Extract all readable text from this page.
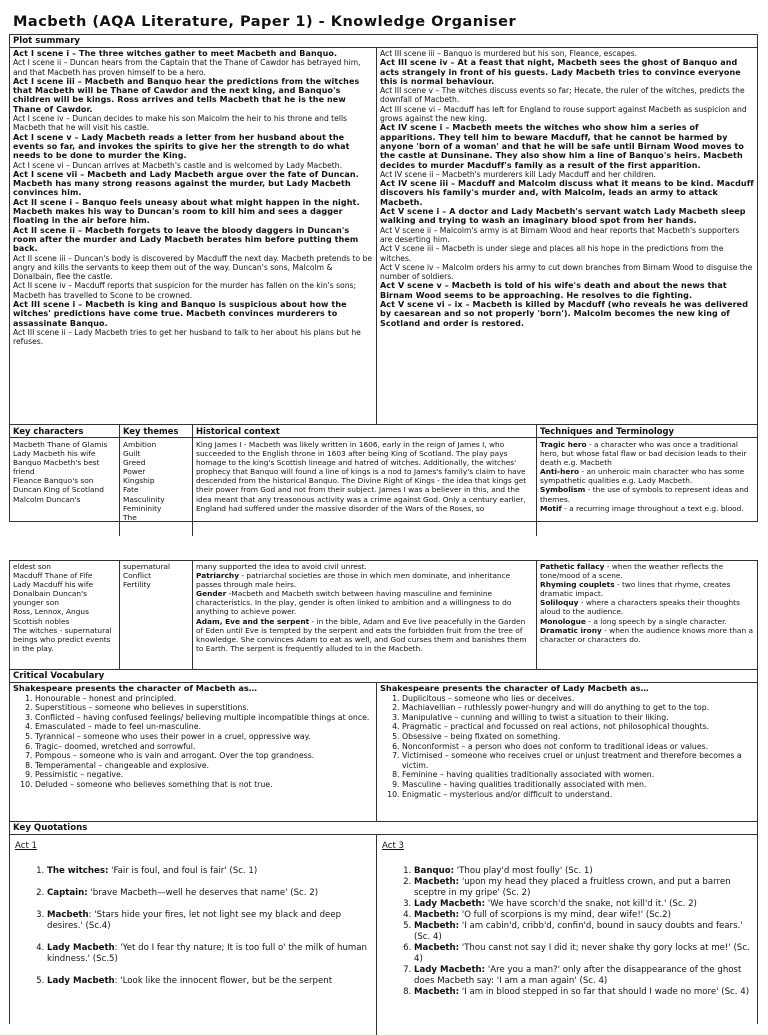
Macbeth (AQA Literature, Paper 1) - Knowledge Organiser
Plot summary

Act I scene i – The three witches gather to meet Macbeth and Banquo.

Act I scene ii – Duncan hears from the Captain that the Thane of Cawdor has betrayed him, and that Macbeth has proven himself to be a hero.

Act I scene iii – Macbeth and Banquo hear the predictions from the witches that Macbeth will be Thane of Cawdor and the next king, and Banquo's children will be kings. Ross arrives and tells Macbeth that he is the new Thane of Cawdor.

Act I scene iv – Duncan decides to make his son Malcolm the heir to his throne and tells Macbeth that he will visit his castle.

Act I scene v – Lady Macbeth reads a letter from her husband about the events so far, and invokes the spirits to give her the strength to do what needs to be done to murder the King.

Act I scene vi – Duncan arrives at Macbeth's castle and is welcomed by Lady Macbeth.

Act I scene vii – Macbeth and Lady Macbeth argue over the fate of Duncan. Macbeth has many strong reasons against the murder, but Lady Macbeth convinces him.

Act II scene i – Banquo feels uneasy about what might happen in the night. Macbeth makes his way to Duncan's room to kill him and sees a dagger floating in the air before him.

Act II scene ii – Macbeth forgets to leave the bloody daggers in Duncan's room after the murder and Lady Macbeth berates him before putting them back.

Act II scene iii – Duncan's body is discovered by Macduff the next day. Macbeth pretends to be angry and kills the servants to keep them out of the way. Duncan's sons, Malcolm & Donalbain, flee the castle.

Act II scene iv – Macduff reports that suspicion for the murder has fallen on the kin's sons; Macbeth has travelled to Scone to be crowned.

Act III scene i – Macbeth is king and Banquo is suspicious about how the witches' predictions have come true. Macbeth convinces murderers to assassinate Banquo.

Act III scene ii – Lady Macbeth tries to get her husband to talk to her about his plans but he refuses.

Act III scene iii – Banquo is murdered but his son, Fleance, escapes.

Act III scene iv – At a feast that night, Macbeth sees the ghost of Banquo and acts strangely in front of his guests. Lady Macbeth tries to convince everyone this is normal behaviour.

Act III scene v – The witches discuss events so far; Hecate, the ruler of the witches, predicts the downfall of Macbeth.

Act III scene vi – Macduff has left for England to rouse support against Macbeth as suspicion and grows against the new king.

Act IV scene i – Macbeth meets the witches who show him a series of apparitions. They tell him to beware Macduff, that he cannot be harmed by anyone 'born of a woman' and that he will be safe until Birnam Wood moves to the castle at Dunsinane. They also show him a line of Banquo's heirs. Macbeth decides to murder Macduff's family as a result of the first apparition.

Act IV scene ii – Macbeth's murderers kill Lady Macduff and her children.

Act IV scene iii – Macduff and Malcolm discuss what it means to be kind. Macduff discovers his family's murder and, with Malcolm, leads an army to attack Macbeth.

Act V scene i – A doctor and Lady Macbeth's servant watch Lady Macbeth sleep walking and trying to wash an imaginary blood spot from her hands.

Act V scene ii – Malcolm's army is at Birnam Wood and hear reports that Macbeth's supporters are deserting him.

Act V scene iii – Macbeth is under siege and places all his hope in the predictions from the witches.

Act V scene iv – Malcolm orders his army to cut down branches from Birnam Wood to disguise the number of soldiers.

Act V scene v – Macbeth is told of his wife's death and about the news that Birnam Wood seems to be approaching. He resolves to die fighting.

Act V scene vi – ix – Macbeth is killed by Macduff (who reveals he was delivered by caesarean and so not properly 'born'). Malcolm becomes the new king of Scotland and order is restored.

Key characters
Macbeth Thane of Glamis
Lady Macbeth his wife
Banquo Macbeth's best friend
Fleance Banquo's son
Duncan King of Scotland
Malcolm Duncan's
Key themes
Ambition
Guilt
Greed
Power
Kingship
Fate
Masculinity
Femininity
The
Historical context
King James I - Macbeth was likely written in 1606, early in the reign of James I, who succeeded to the English throne in 1603 after being King of Scotland. The play pays homage to the king's Scottish lineage and hatred of witches. Additionally, the witches' prophecy that Banquo will found a line of kings is a nod to James's family's claim to have descended from the historical Banquo. The Divine Right of Kings - the idea that kings get their power from God and not from their subject. James I was a believer in this, and the idea meant that any treasonous activity was a crime against God. Only a century earlier, England had suffered under the massive disorder of the Wars of the Roses, so
Techniques and Terminology
Tragic hero - a character who was once a traditional hero, but whose fatal flaw or bad decision leads to their death e.g. Macbeth
Anti-hero - an unheroic main character who has some sympathetic qualities e.g. Lady Macbeth.
Symbolism - the use of symbols to represent ideas and themes.
Motif - a recurring image throughout a text e.g. blood.
eldest son
Macduff Thane of Fife
Lady Macduff his wife
Donalbain Duncan's younger son
Ross, Lennox, Angus Scottish nobles
The witches - supernatural beings who predict events in the play.
supernatural
Conflict
Fertility
many supported the idea to avoid civil unrest.
Patriarchy - patriarchal societies are those in which men dominate, and inheritance passes through male heirs.
Gender -Macbeth and Macbeth switch between having masculine and feminine characteristics. In the play, gender is often linked to ambition and a willingness to do anything to achieve power.
Adam, Eve and the serpent - in the bible, Adam and Eve live peacefully in the Garden of Eden until Eve is tempted by the serpent and eats the forbidden fruit from the tree of knowledge. She convinces Adam to eat as well, and God curses them and banishes them to Earth. The serpent is frequently alluded to in the Macbeth.
Pathetic fallacy - when the weather reflects the tone/mood of a scene.
Rhyming couplets - two lines that rhyme, creates dramatic impact.
Soliloquy - where a characters speaks their thoughts aloud to the audience.
Monologue - a long speech by a single character.
Dramatic irony - when the audience knows more than a character or characters do.
Critical Vocabulary
Shakespeare presents the character of Macbeth as…
1. Honourable – honest and principled.
2. Superstitious – someone who believes in superstitions.
3. Conflicted – having confused feelings/ believing multiple incompatible things at once.
4. Emasculated – made to feel un-masculine.
5. Tyrannical – someone who uses their power in a cruel, oppressive way.
6. Tragic– doomed, wretched and sorrowful.
7. Pompous – someone who is vain and arrogant. Over the top grandness.
8. Temperamental – changeable and explosive.
9. Pessimistic – negative.
10. Deluded – someone who believes something that is not true.
Shakespeare presents the character of Lady Macbeth as…
1. Duplicitous – someone who lies or deceives.
2. Machiavellian – ruthlessly power-hungry and will do anything to get to the top.
3. Manipulative – cunning and willing to twist a situation to their liking.
4. Pragmatic – practical and focussed on real actions, not philosophical thoughts.
5. Obsessive – being fixated on something.
6. Nonconformist – a person who does not conform to traditional ideas or values.
7. Victimised – someone who receives cruel or unjust treatment and therefore becomes a victim.
8. Feminine – having qualities traditionally associated with women.
9. Masculine – having qualities traditionally associated with men.
10. Enigmatic – mysterious and/or difficult to understand.
Key Quotations
Act 1
1. The witches: 'Fair is foul, and foul is fair' (Sc. 1)
2. Captain: 'brave Macbeth—well he deserves that name' (Sc. 2)
3. Macbeth: 'Stars hide your fires, let not light see my black and deep desires.' (Sc.4)
4. Lady Macbeth: 'Yet do I fear thy nature; It is too full o' the milk of human kindness.' (Sc.5)
5. Lady Macbeth: 'Look like the innocent flower, but be the serpent
Act 3
1. Banquo: 'Thou play'd most foully' (Sc. 1)
2. Macbeth: 'upon my head they placed a fruitless crown, and put a barren sceptre in my gripe' (Sc. 2)
3. Lady Macbeth: 'We have scorch'd the snake, not kill'd it.' (Sc. 2)
4. Macbeth: 'O full of scorpions is my mind, dear wife!' (Sc.2)
5. Macbeth: 'I am cabin'd, cribb'd, confin'd, bound in saucy doubts and fears.' (Sc. 4)
6. Macbeth: 'Thou canst not say I did it; never shake thy gory locks at me!' (Sc. 4)
7. Lady Macbeth: 'Are you a man?' only after the disappearance of the ghost does Macbeth say: 'I am a man again' (Sc. 4)
8. Macbeth: 'I am in blood stepped in so far that should I wade no more' (Sc. 4)
